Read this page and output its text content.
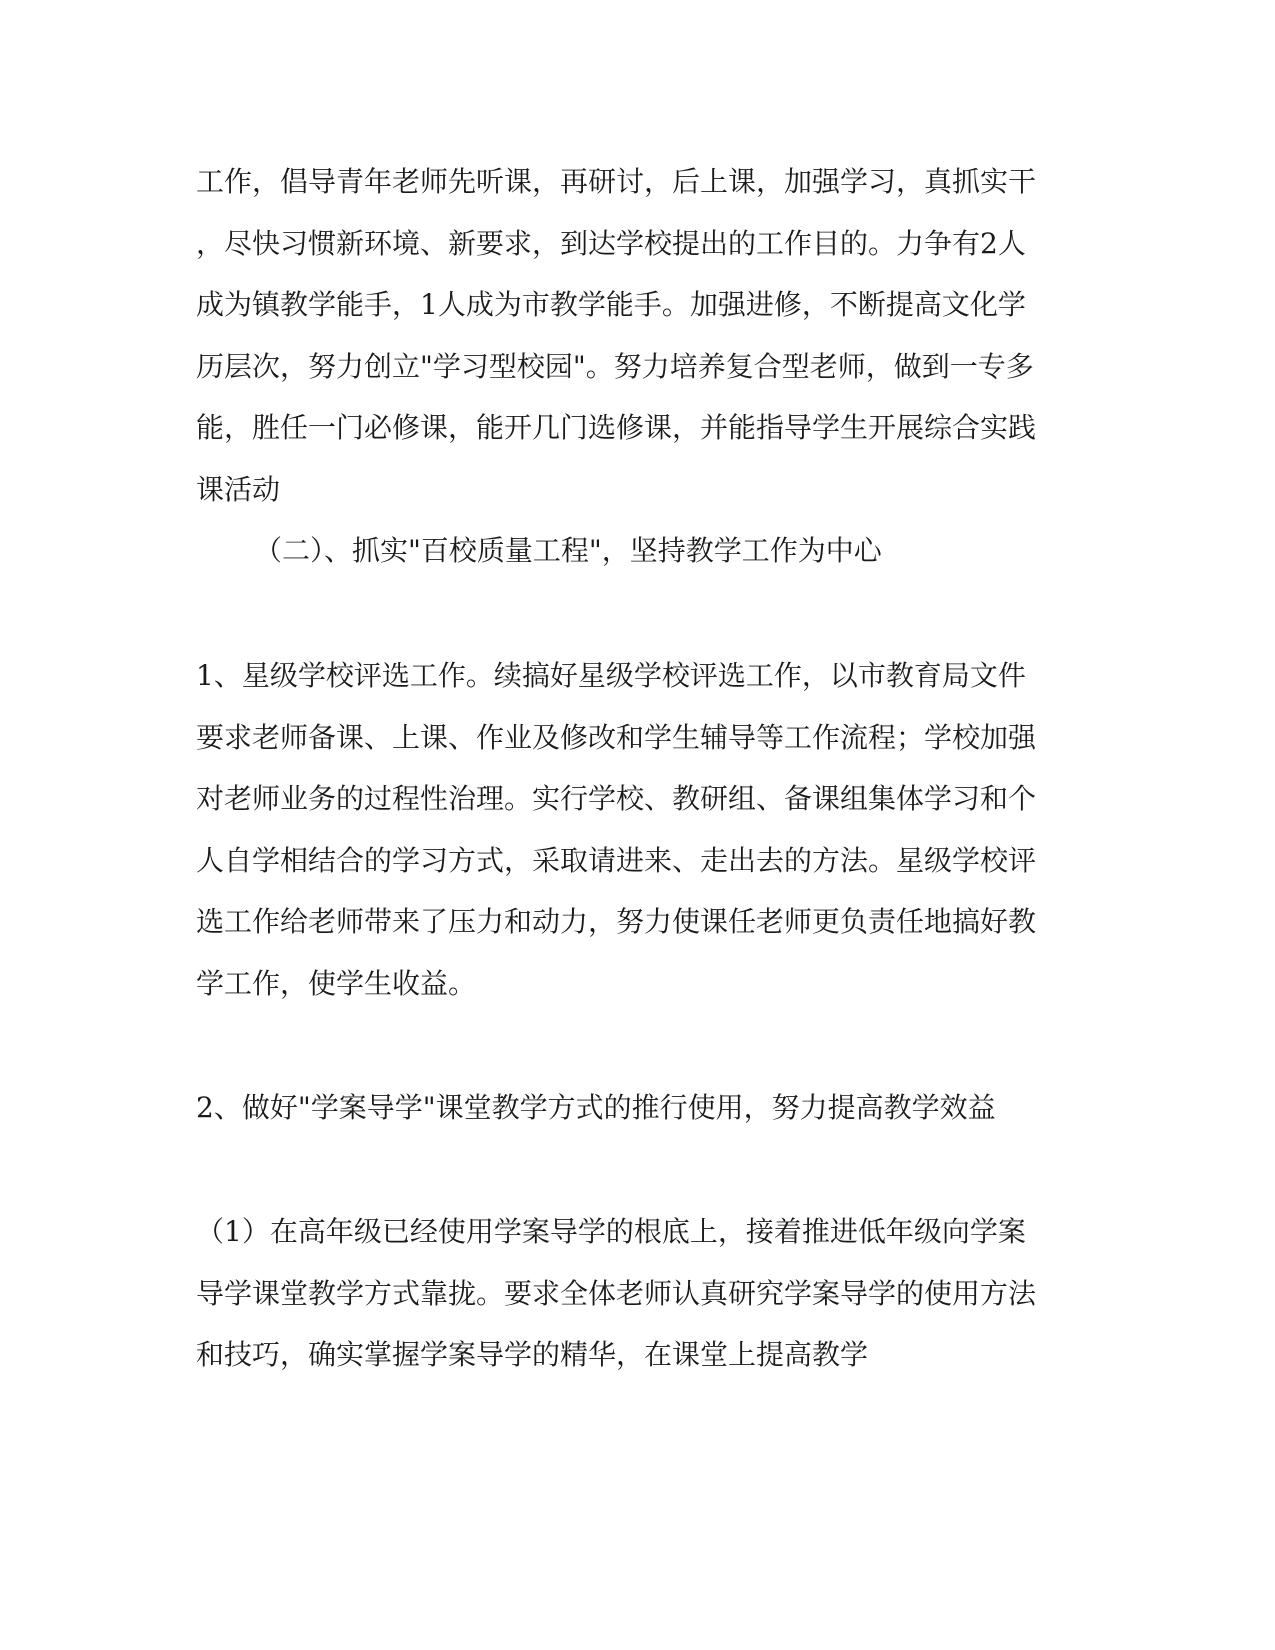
工作，倡导青年老师先听课，再研讨，后上课，加强学习，真抓实干
，尽快习惯新环境、新要求，到达学校提出的工作目的。力争有2人
成为镇教学能手，1人成为市教学能手。加强进修，不断提高文化学
历层次，努力创立"学习型校园"。努力培养复合型老师，做到一专多
能，胜任一门必修课，能开几门选修课，并能指导学生开展综合实践
课活动
（二）、抓实"百校质量工程"，坚持教学工作为中心
1、星级学校评选工作。续搞好星级学校评选工作，以市教育局文件
要求老师备课、上课、作业及修改和学生辅导等工作流程；学校加强
对老师业务的过程性治理。实行学校、教研组、备课组集体学习和个
人自学相结合的学习方式，采取请进来、走出去的方法。星级学校评
选工作给老师带来了压力和动力，努力使课任老师更负责任地搞好教
学工作，使学生收益。
2、做好"学案导学"课堂教学方式的推行使用，努力提高教学效益
（1）在高年级已经使用学案导学的根底上，接着推进低年级向学案
导学课堂教学方式靠拢。要求全体老师认真研究学案导学的使用方法
和技巧，确实掌握学案导学的精华，在课堂上提高教学
